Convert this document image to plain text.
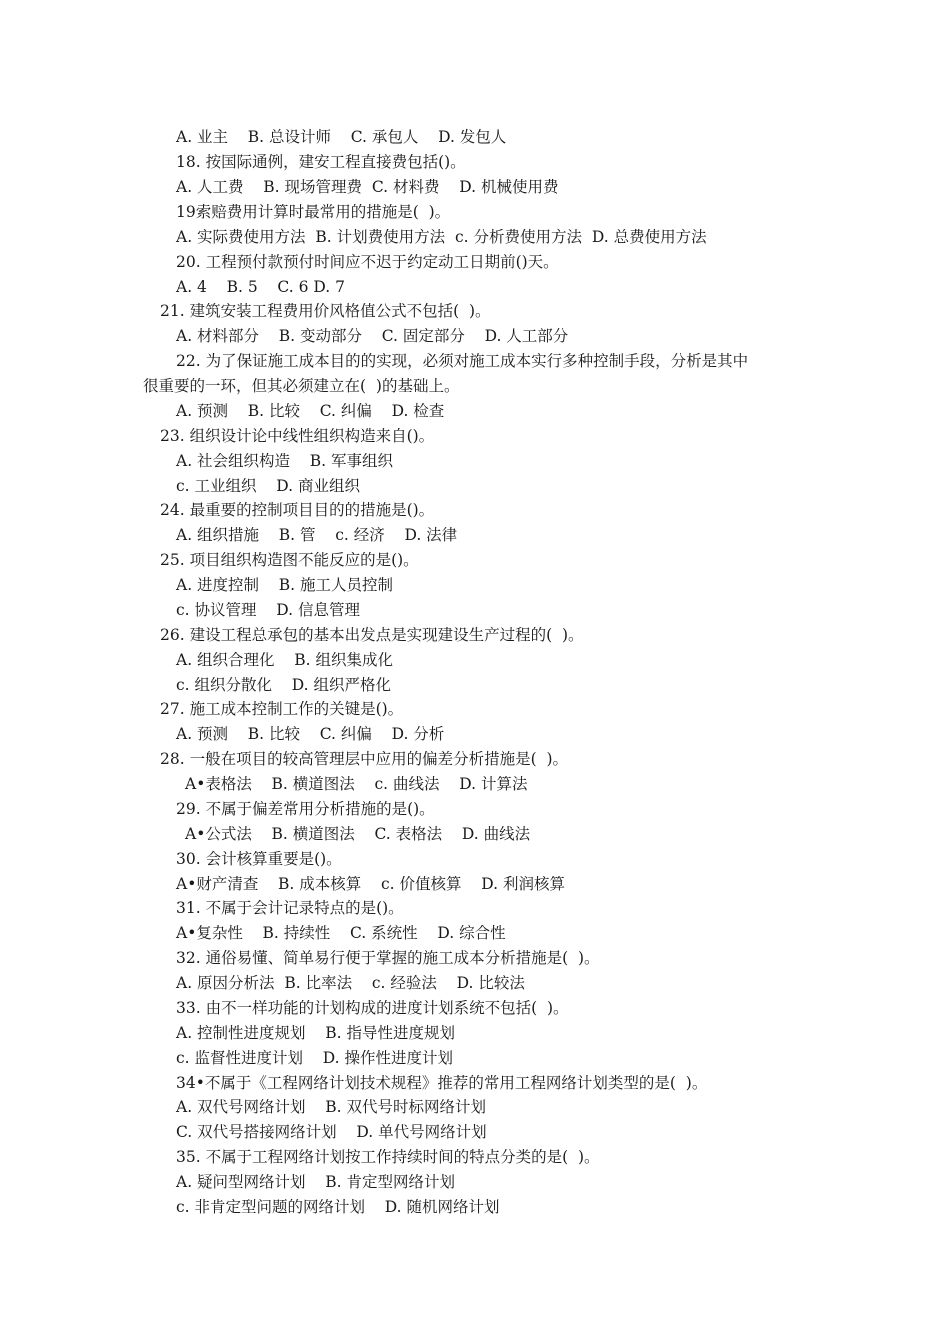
A. 业主    B. 总设计师    C. 承包人    D. 发包人
18. 按国际通例，建安工程直接费包括()。
A. 人工费    B. 现场管理费  C. 材料费    D. 机械使用费
19索赔费用计算时最常用的措施是(  )。
A. 实际费使用方法  B. 计划费使用方法  c. 分析费使用方法  D. 总费使用方法
20. 工程预付款预付时间应不迟于约定动工日期前()天。
A. 4    B. 5    C. 6 D. 7
21. 建筑安装工程费用价风格值公式不包括(  )。
A. 材料部分    B. 变动部分    C. 固定部分    D. 人工部分
22. 为了保证施工成本目的的实现，必须对施工成本实行多种控制手段，分析是其中
很重要的一环，但其必须建立在(  )的基础上。
A. 预测    B. 比较    C. 纠偏    D. 检查
23. 组织设计论中线性组织构造来自()。
A. 社会组织构造    B. 军事组织
c. 工业组织    D. 商业组织
24. 最重要的控制项目目的的措施是()。
A. 组织措施    B. 管    c. 经济    D. 法律
25. 项目组织构造图不能反应的是()。
A. 进度控制    B. 施工人员控制
c. 协议管理    D. 信息管理
26. 建设工程总承包的基本出发点是实现建设生产过程的(  )。
A. 组织合理化    B. 组织集成化
c. 组织分散化    D. 组织严格化
27. 施工成本控制工作的关键是()。
A. 预测    B. 比较    C. 纠偏    D. 分析
28. 一般在项目的较高管理层中应用的偏差分析措施是(  )。
A•表格法    B. 横道图法    c. 曲线法    D. 计算法
29. 不属于偏差常用分析措施的是()。
A•公式法    B. 横道图法    C. 表格法    D. 曲线法
30. 会计核算重要是()。
A•财产清查    B. 成本核算    c. 价值核算    D. 利润核算
31. 不属于会计记录特点的是()。
A•复杂性    B. 持续性    C. 系统性    D. 综合性
32. 通俗易懂、简单易行便于掌握的施工成本分析措施是(  )。
A. 原因分析法  B. 比率法    c. 经验法    D. 比较法
33. 由不一样功能的计划构成的进度计划系统不包括(  )。
A. 控制性进度规划    B. 指导性进度规划
c. 监督性进度计划    D. 操作性进度计划
34•不属于《工程网络计划技术规程》推荐的常用工程网络计划类型的是(  )。
A. 双代号网络计划    B. 双代号时标网络计划
C. 双代号搭接网络计划    D. 单代号网络计划
35. 不属于工程网络计划按工作持续时间的特点分类的是(  )。
A. 疑问型网络计划    B. 肯定型网络计划
c. 非肯定型问题的网络计划    D. 随机网络计划
